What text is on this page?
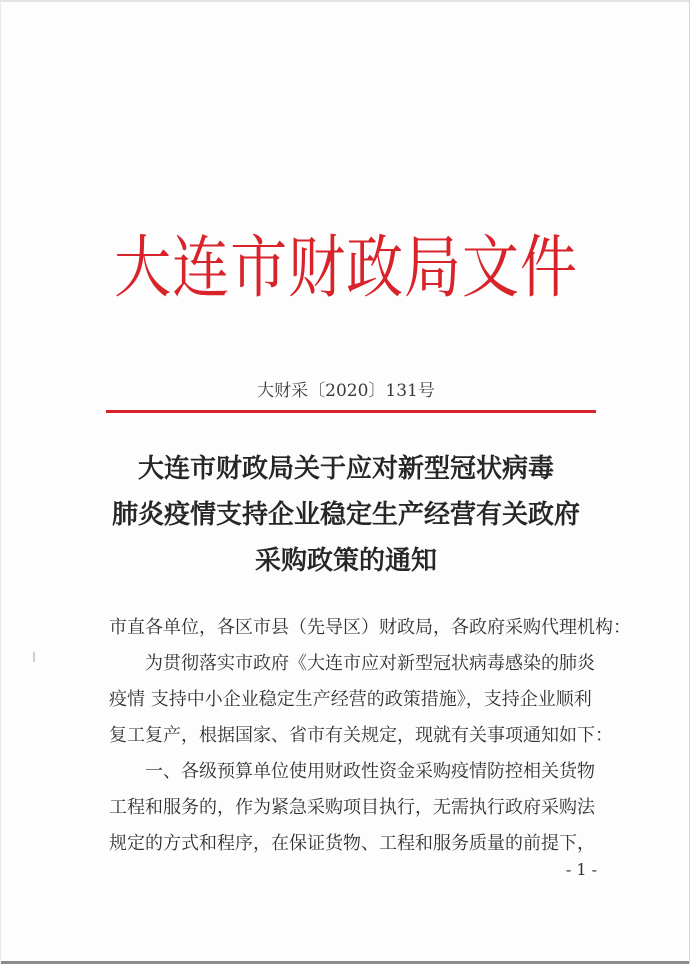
大连市财政局文件
大财采〔2020〕131号
大连市财政局关于应对新型冠状病毒
肺炎疫情支持企业稳定生产经营有关政府
采购政策的通知
市直各单位，各区市县（先导区）财政局，各政府采购代理机构：
为贯彻落实市政府《大连市应对新型冠状病毒感染的肺炎
疫情 支持中小企业稳定生产经营的政策措施》，支持企业顺利
复工复产，根据国家、省市有关规定，现就有关事项通知如下：
一、各级预算单位使用财政性资金采购疫情防控相关货物
工程和服务的，作为紧急采购项目执行，无需执行政府采购法
规定的方式和程序，在保证货物、工程和服务质量的前提下，
- 1 -
